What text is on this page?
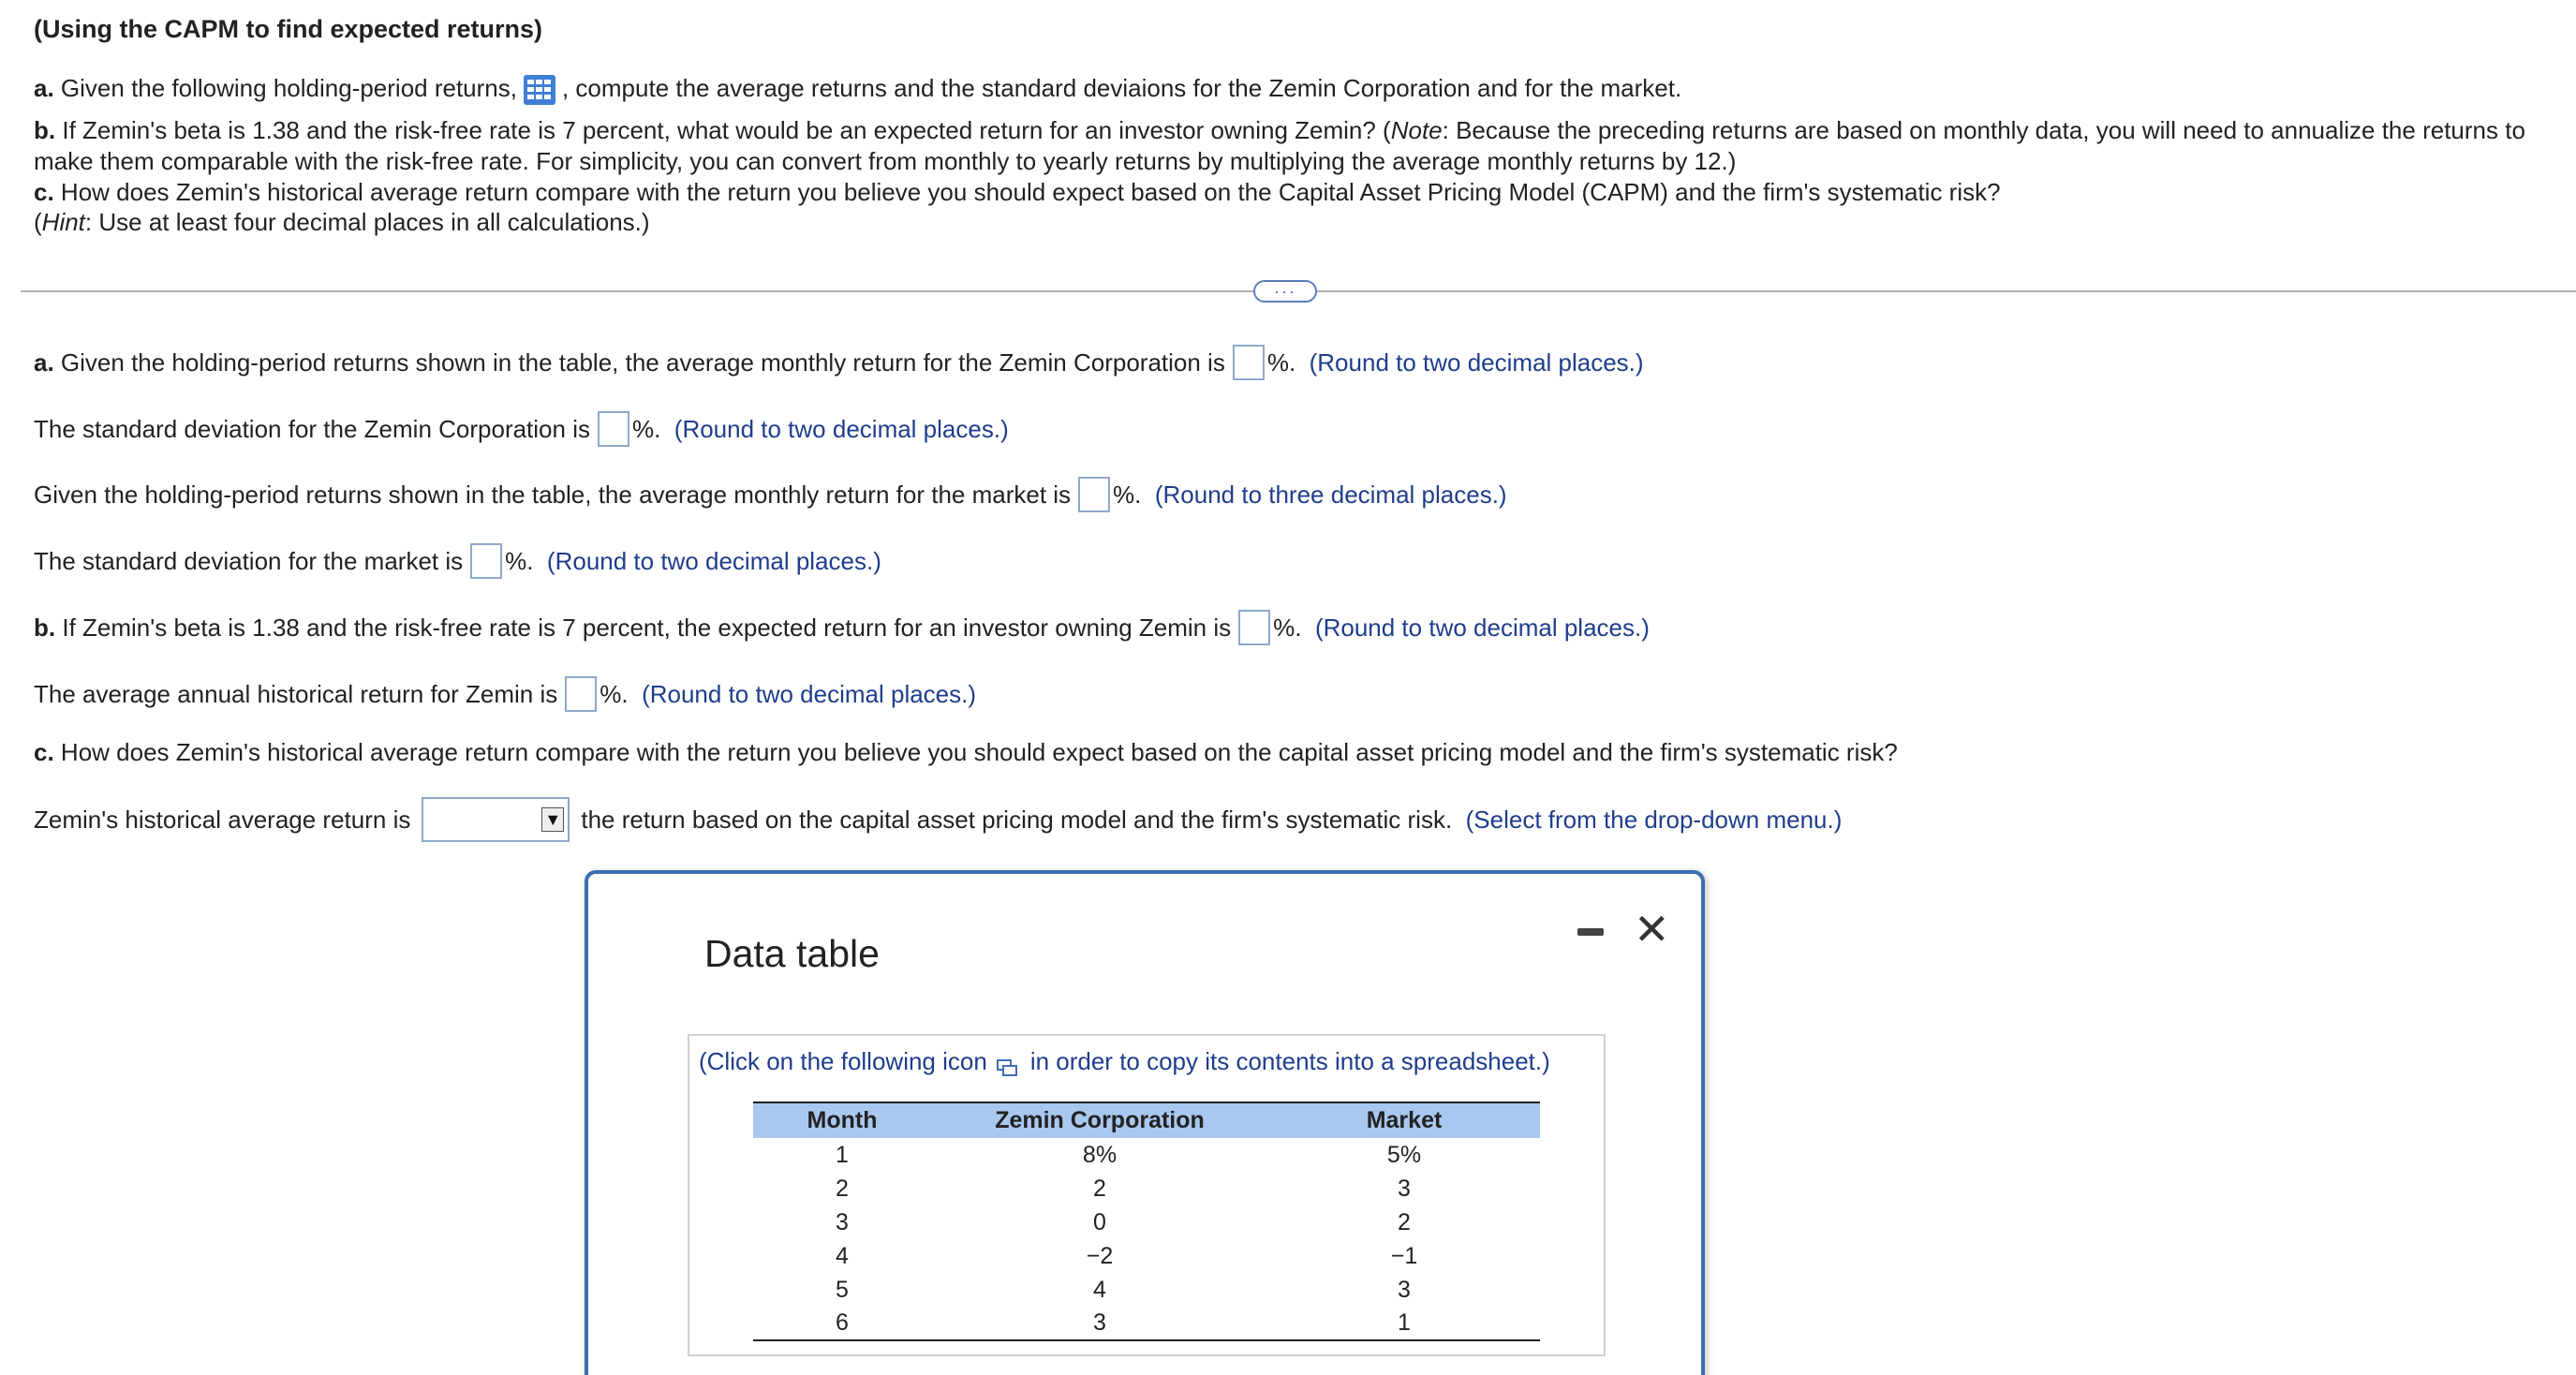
(Using the CAPM to find expected returns)
a. Given the following holding-period returns, , compute the average returns and the standard deviaions for the Zemin Corporation and for the market.
b. If Zemin's beta is 1.38 and the risk-free rate is 7 percent, what would be an expected return for an investor owning Zemin? (Note: Because the preceding returns are based on monthly data, you will need to annualize the returns to
make them comparable with the risk-free rate. For simplicity, you can convert from monthly to yearly returns by multiplying the average monthly returns by 12.)
c. How does Zemin's historical average return compare with the return you believe you should expect based on the Capital Asset Pricing Model (CAPM) and the firm's systematic risk?
(Hint: Use at least four decimal places in all calculations.)
···
a.
Given the holding-period returns shown in the table, the average monthly return for the Zemin Corporation is %.
(Round to two decimal places.)
The standard deviation for the Zemin Corporation is %.
(Round to two decimal places.)
Given the holding-period returns shown in the table, the average monthly return for the market is %.
(Round to three decimal places.)
The standard deviation for the market is %.
(Round to two decimal places.)
b.
If Zemin's beta is 1.38 and the risk-free rate is 7 percent, the expected return for an investor owning Zemin is %.
(Round to two decimal places.)
The average annual historical return for Zemin is %.
(Round to two decimal places.)
c.
How does Zemin's historical average return compare with the return you believe you should expect based on the capital asset pricing model and the firm's systematic risk?
Zemin's historical average return is	▼ the return based on the capital asset pricing model and the firm's systematic risk.
(Select from the drop-down menu.)
Data table	✕
(Click on the following icon in order to copy its contents into a spreadsheet.)
Month	Zemin Corporation	Market
1	8%	5%
2	2	3
3	0	2
4	−2	−1
5	4	3
6	3	1
